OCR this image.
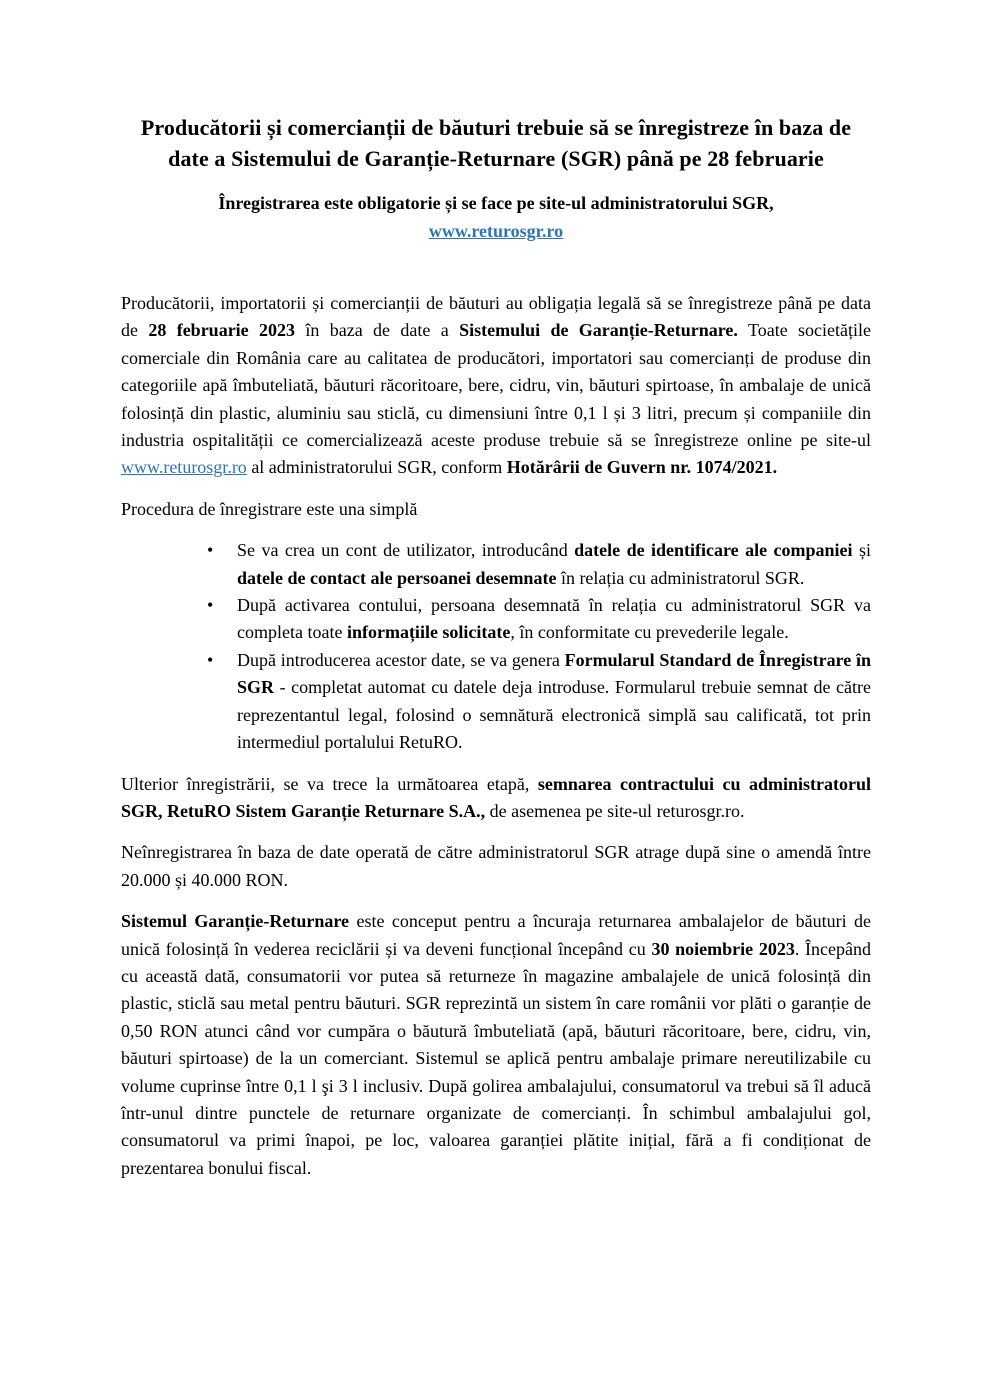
Producătorii și comercianții de băuturi trebuie să se înregistreze în baza de date a Sistemului de Garanție-Returnare (SGR) până pe 28 februarie

Înregistrarea este obligatorie și se face pe site-ul administratorului SGR,

www.returosgr.ro

Producătorii, importatorii și comercianții de băuturi au obligația legală să se înregistreze până pe data de 28 februarie 2023 în baza de date a Sistemului de Garanție-Returnare. Toate societățile comerciale din România care au calitatea de producători, importatori sau comercianți de produse din categoriile apă îmbuteliată, băuturi răcoritoare, bere, cidru, vin, băuturi spirtoase, în ambalaje de unică folosință din plastic, aluminiu sau sticlă, cu dimensiuni între 0,1 l și 3 litri, precum și companiile din industria ospitalității ce comercializează aceste produse trebuie să se înregistreze online pe site-ul www.returosgr.ro al administratorului SGR, conform Hotărârii de Guvern nr. 1074/2021.

Procedura de înregistrare este una simplă

• Se va crea un cont de utilizator, introducând datele de identificare ale companiei și datele de contact ale persoanei desemnate în relația cu administratorul SGR.
• După activarea contului, persoana desemnată în relația cu administratorul SGR va completa toate informațiile solicitate, în conformitate cu prevederile legale.
• După introducerea acestor date, se va genera Formularul Standard de Înregistrare în SGR - completat automat cu datele deja introduse. Formularul trebuie semnat de către reprezentantul legal, folosind o semnătură electronică simplă sau calificată, tot prin intermediul portalului RetuRO.

Ulterior înregistrării, se va trece la următoarea etapă, semnarea contractului cu administratorul SGR, RetuRO Sistem Garanție Returnare S.A., de asemenea pe site-ul returosgr.ro.

Neînregistrarea în baza de date operată de către administratorul SGR atrage după sine o amendă între 20.000 și 40.000 RON.

Sistemul Garanție-Returnare este conceput pentru a încuraja returnarea ambalajelor de băuturi de unică folosință în vederea reciclării și va deveni funcțional începând cu 30 noiembrie 2023. Începând cu această dată, consumatorii vor putea să returneze în magazine ambalajele de unică folosință din plastic, sticlă sau metal pentru băuturi. SGR reprezintă un sistem în care românii vor plăti o garanție de 0,50 RON atunci când vor cumpăra o băutură îmbuteliată (apă, băuturi răcoritoare, bere, cidru, vin, băuturi spirtoase) de la un comerciant. Sistemul se aplică pentru ambalaje primare nereutilizabile cu volume cuprinse între 0,1 l şi 3 l inclusiv. După golirea ambalajului, consumatorul va trebui să îl aducă într-unul dintre punctele de returnare organizate de comercianți. În schimbul ambalajului gol, consumatorul va primi înapoi, pe loc, valoarea garanției plătite inițial, fără a fi condiționat de prezentarea bonului fiscal.
